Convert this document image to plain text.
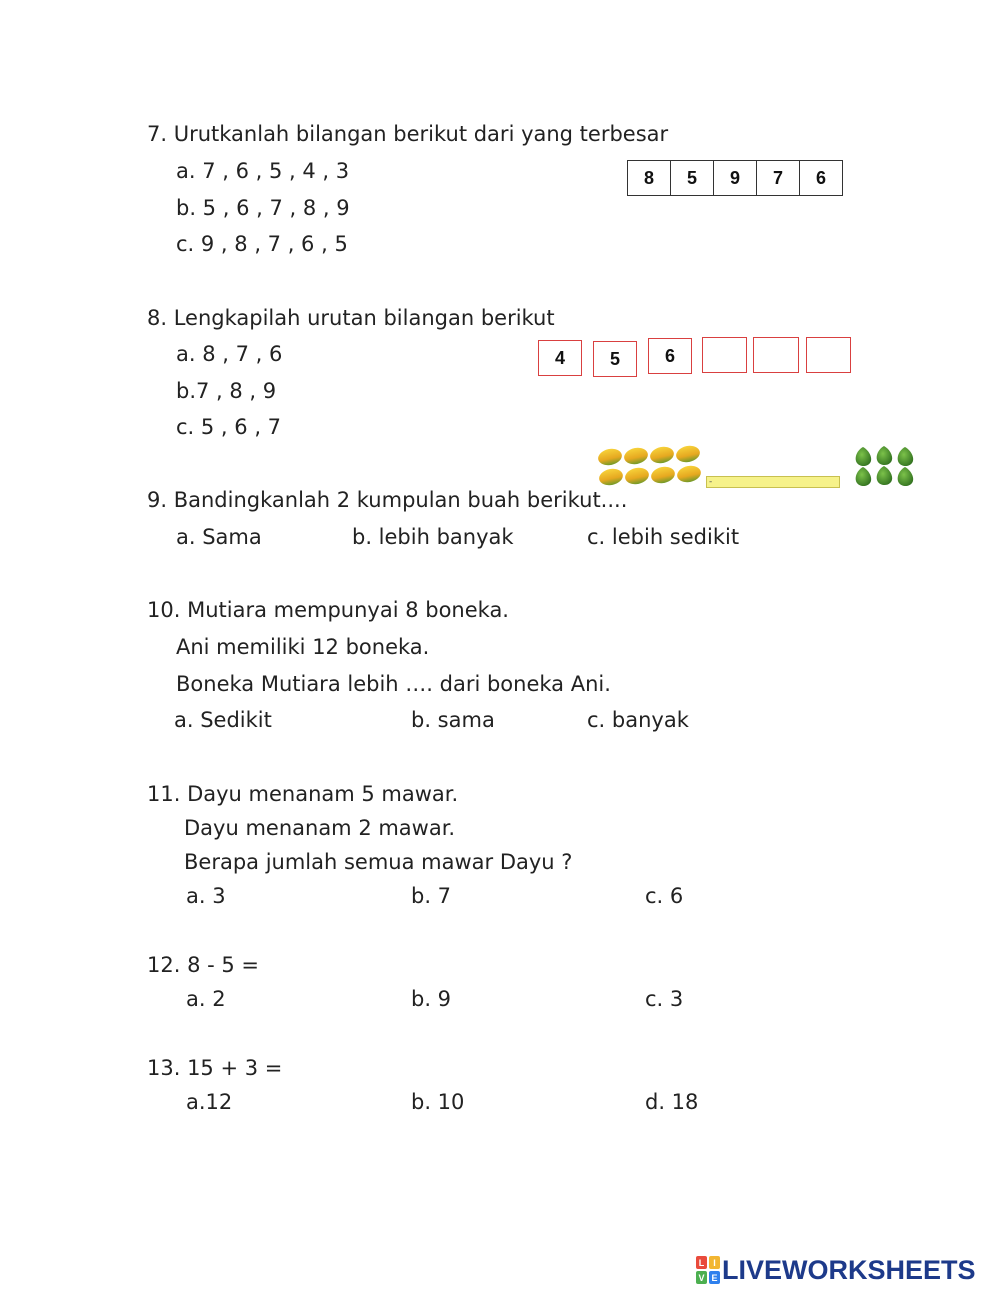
7. Urutkanlah bilangan berikut dari yang terbesar
a. 7 , 6 , 5 , 4 , 3
b. 5 , 6 , 7 , 8 , 9
c. 9 , 8 , 7 , 6 , 5
8	5	9	7	6
8. Lengkapilah urutan bilangan berikut
a. 8 , 7 , 6
b.7 , 8 , 9
c. 5 , 6 , 7
4	5	6
-
9. Bandingkanlah 2 kumpulan buah berikut....
a. Sama	b. lebih banyak	c. lebih sedikit
10. Mutiara mempunyai 8 boneka.
Ani memiliki 12 boneka.
Boneka Mutiara lebih …. dari boneka Ani.
a. Sedikit	b. sama	c. banyak
11. Dayu menanam 5 mawar.
Dayu menanam 2 mawar.
Berapa jumlah semua mawar Dayu ?
a. 3	b. 7	c. 6
12. 8 - 5 =
a. 2	b. 9	c. 3
13. 15 + 3 =
a.12	b. 10	d. 18
L I
V E LIVEWORKSHEETS
